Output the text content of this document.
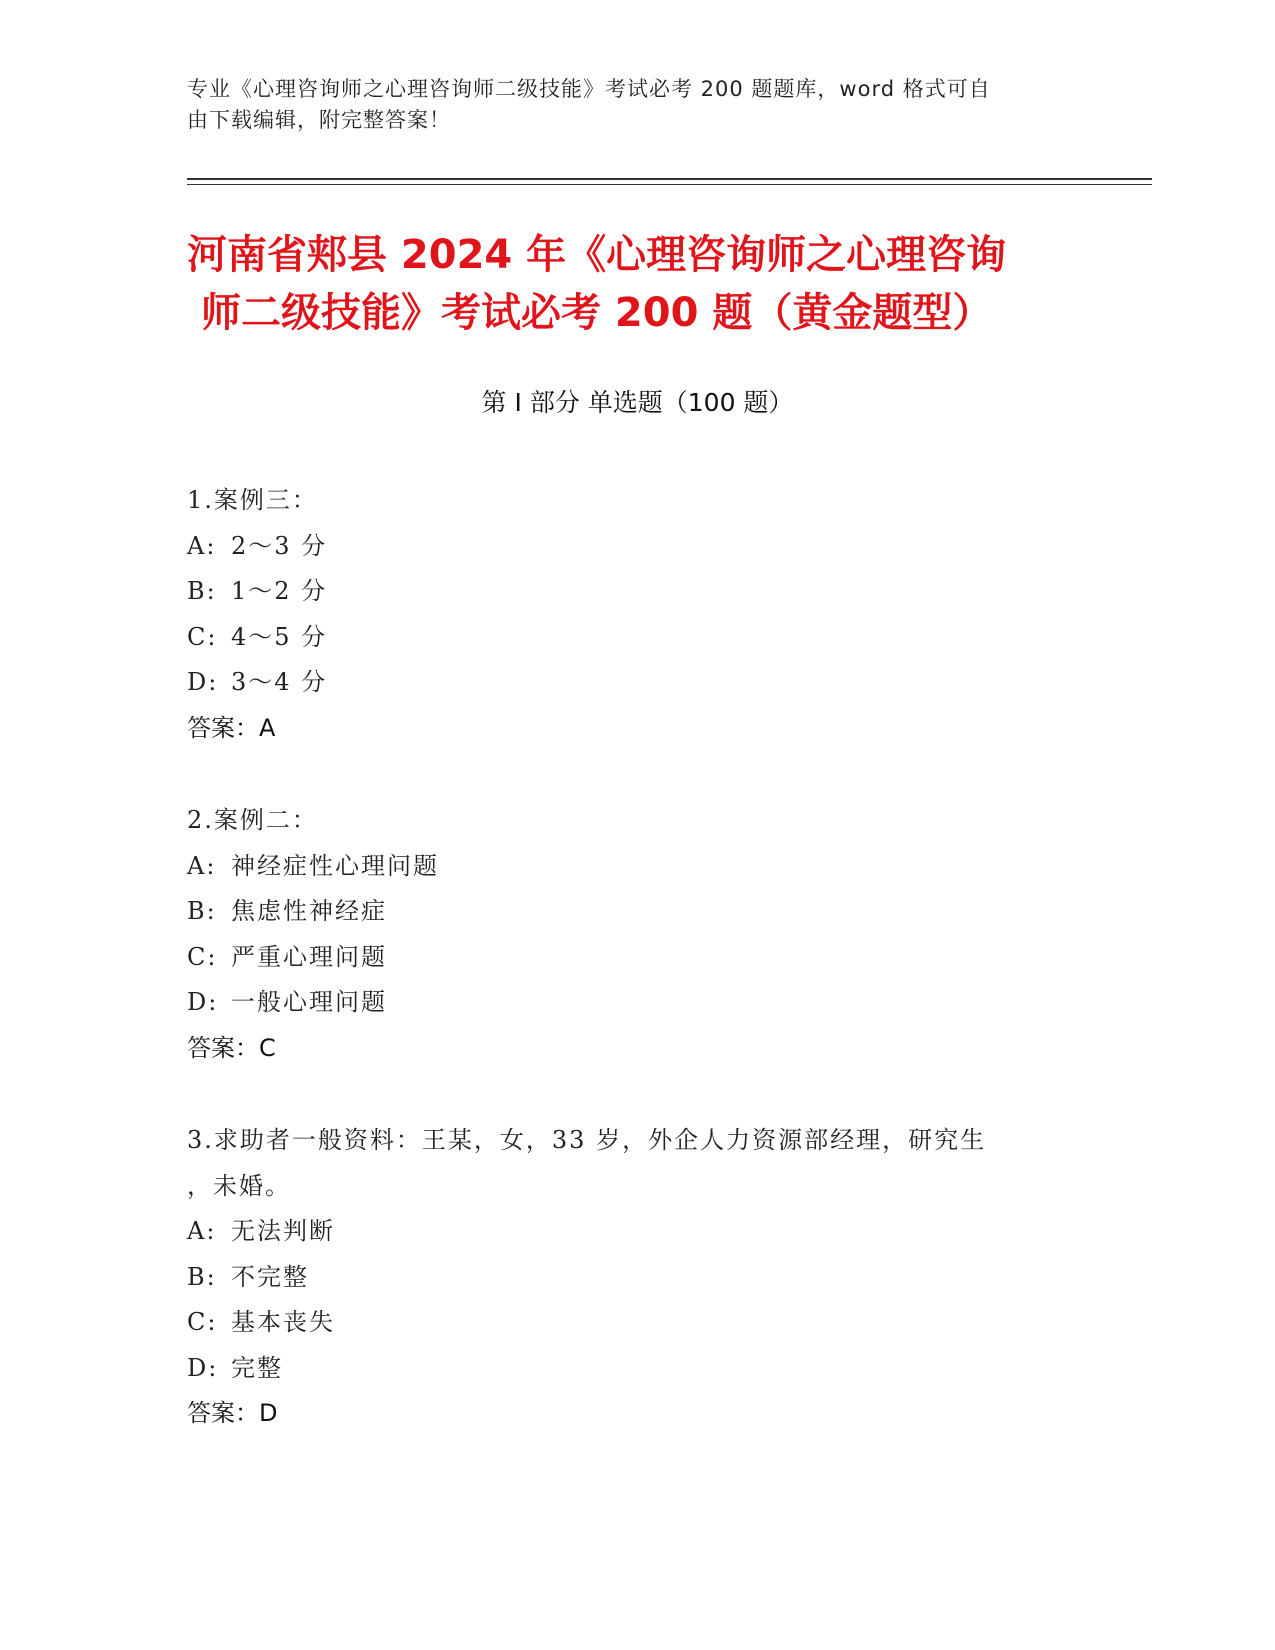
专业《心理咨询师之心理咨询师二级技能》考试必考 200 题题库，word 格式可自
由下载编辑，附完整答案！
河南省郏县 2024 年《心理咨询师之心理咨询
师二级技能》考试必考 200 题（黄金题型）
第 I 部分 单选题（100 题）
1.案例三：
A: 2～3 分
B: 1～2 分
C: 4～5 分
D: 3～4 分
答案：A
2.案例二：
A: 神经症性心理问题
B: 焦虑性神经症
C: 严重心理问题
D: 一般心理问题
答案：C
3.求助者一般资料：王某，女，33 岁，外企人力资源部经理，研究生
，未婚。
A: 无法判断
B: 不完整
C: 基本丧失
D: 完整
答案：D
